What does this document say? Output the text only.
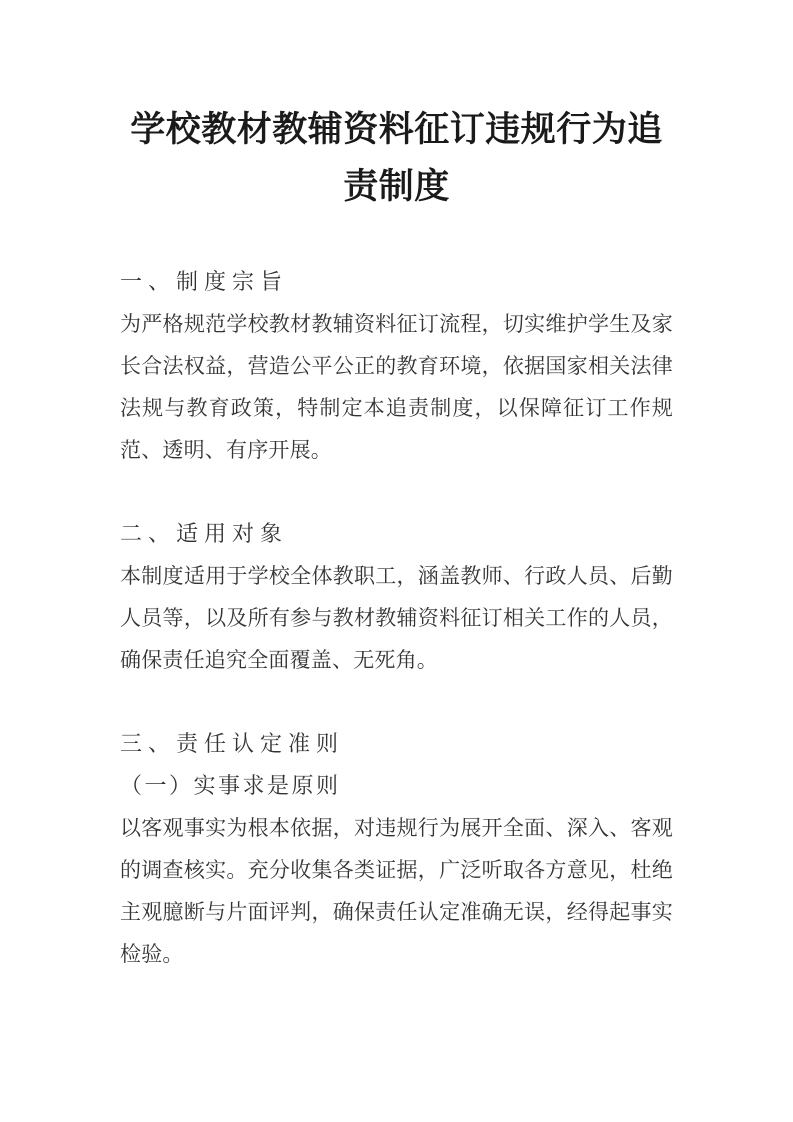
学校教材教辅资料征订违规行为追责制度
一、制度宗旨

为严格规范学校教材教辅资料征订流程，切实维护学生及家长合法权益，营造公平公正的教育环境，依据国家相关法律法规与教育政策，特制定本追责制度，以保障征订工作规范、透明、有序开展。

二、适用对象

本制度适用于学校全体教职工，涵盖教师、行政人员、后勤人员等，以及所有参与教材教辅资料征订相关工作的人员，确保责任追究全面覆盖、无死角。

三、责任认定准则
（一）实事求是原则

以客观事实为根本依据，对违规行为展开全面、深入、客观的调查核实。充分收集各类证据，广泛听取各方意见，杜绝主观臆断与片面评判，确保责任认定准确无误，经得起事实检验。
